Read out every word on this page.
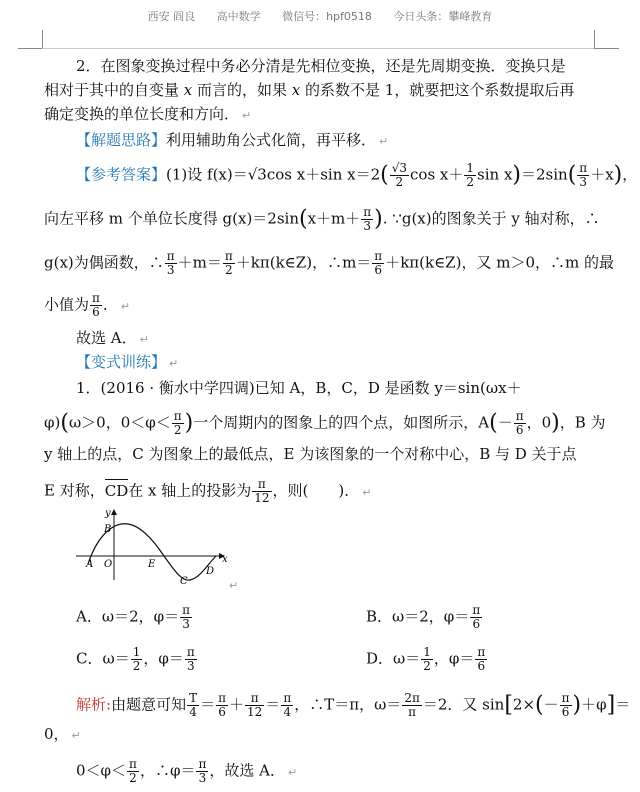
西安 阎良 高中数学 微信号：hpf0518 今日头条：攀峰教育
2．在图象变换过程中务必分清是先相位变换，还是先周期变换．变换只是
相对于其中的自变量 x 而言的，如果 x 的系数不是 1，就要把这个系数提取后再
确定变换的单位长度和方向． ↵
【解题思路】利用辅助角公式化简，再平移． ↵
【参考答案】(1)设 f(x)＝√3cos x＋sin $x=2( \frac{√3}{2}$ $\cos x+ \frac{1}{2}$ $\sin x)=2\sin( \frac{\pi}{3} +x)$，
向左平移 m 个单位长度得 $g(x)=2\sin(x+m+ \frac{\pi}{3}$ ). ∵g(x)的图象关于 y 轴对称，∴
g(x)为偶函数，∴ $\frac{\pi}{3} +m= \frac{\pi}{2}$ ＋kπ(k∈Z)，∴m＝ $\frac{\pi}{6}$ ＋kπ(k∈Z)，又 m＞0，∴m 的最
小值为 $\frac{\pi}{6}$ ． ↵
故选 A． ↵
【变式训练】 ↵
1．(2016 · 衡水中学四调)已知 A，B，C，D 是函数 y＝sin(ωx＋
φ)(ω＞0，$0<\varphi< \frac{\pi}{2}$ )一个周期内的图象上的四个点，如图所示，$A(- \frac{\pi}{6}$ ，0)，B 为
y 轴上的点，C 为图象上的最低点，E 为该图象的一个对称中心，B 与 D 关于点
E 对称，
CD在 x 轴上的投影为 $\frac{\pi}{12}$ ，则(　　)． ↵
y
x
B
A O	E
C
D
↵
A．ω＝2，$\varphi= \frac{\pi}{3}$	B．ω＝2，$\varphi= \frac{\pi}{6}$
C．$\omega= \frac{1}{2}$ ，$\varphi= \frac{\pi}{3}$	D．$\omega= \frac{1}{2}$ ，$\varphi= \frac{\pi}{6}$
解析:由题意可知 $\frac{T}{4} = \frac{\pi}{6} + \frac{\pi}{12} = \frac{\pi}{4}$ ，∴T＝π，$\omega= \frac{2\pi}{\pi} =2$．又 $\sin[2\times(- \frac{\pi}{6} )+\varphi]=$
0， ↵
$0<\varphi< \frac{\pi}{2}$ ，∴φ＝ $\frac{\pi}{3}$ ，故选 A． ↵
